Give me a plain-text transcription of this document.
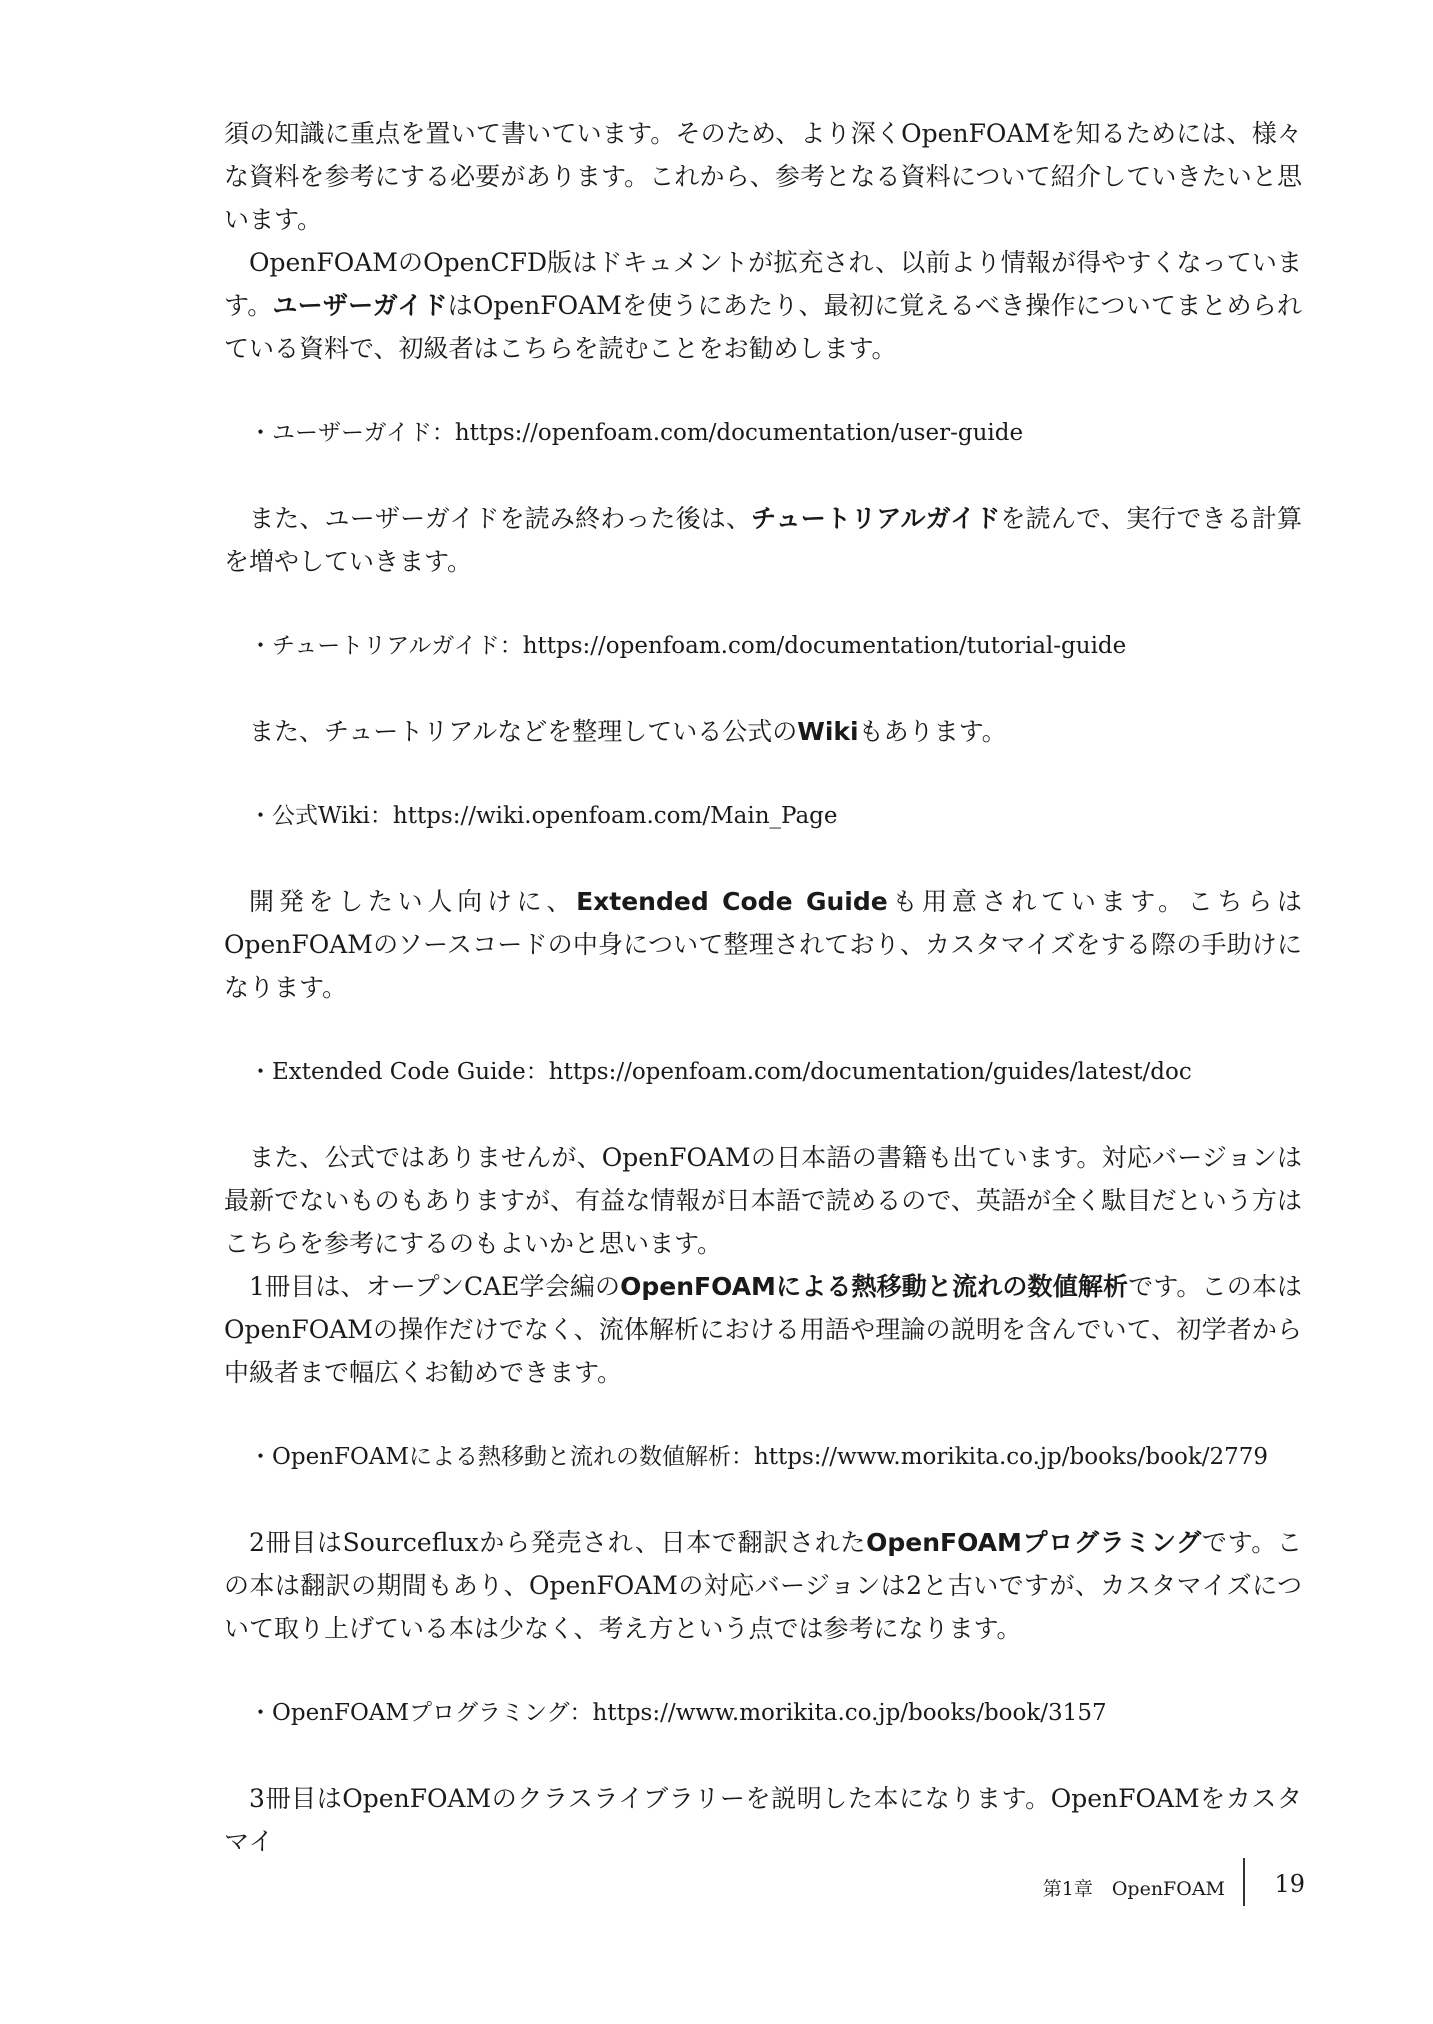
須の知識に重点を置いて書いています。そのため、より深くOpenFOAMを知るためには、様々な資料を参考にする必要があります。これから、参考となる資料について紹介していきたいと思います。

OpenFOAMのOpenCFD版はドキュメントが拡充され、以前より情報が得やすくなっています。ユーザーガイドはOpenFOAMを使うにあたり、最初に覚えるべき操作についてまとめられている資料で、初級者はこちらを読むことをお勧めします。

・ユーザーガイド：https://openfoam.com/documentation/user-guide

また、ユーザーガイドを読み終わった後は、チュートリアルガイドを読んで、実行できる計算を増やしていきます。

・チュートリアルガイド：https://openfoam.com/documentation/tutorial-guide

また、チュートリアルなどを整理している公式のWikiもあります。

・公式Wiki：https://wiki.openfoam.com/Main_Page

開発をしたい人向けに、Extended Code Guideも用意されています。こちらはOpenFOAMのソースコードの中身について整理されており、カスタマイズをする際の手助けになります。

・Extended Code Guide：https://openfoam.com/documentation/guides/latest/doc

また、公式ではありませんが、OpenFOAMの日本語の書籍も出ています。対応バージョンは最新でないものもありますが、有益な情報が日本語で読めるので、英語が全く駄目だという方はこちらを参考にするのもよいかと思います。

1冊目は、オープンCAE学会編のOpenFOAMによる熱移動と流れの数値解析です。この本はOpenFOAMの操作だけでなく、流体解析における用語や理論の説明を含んでいて、初学者から中級者まで幅広くお勧めできます。

・OpenFOAMによる熱移動と流れの数値解析：https://www.morikita.co.jp/books/book/2779

2冊目はSourcefluxから発売され、日本で翻訳されたOpenFOAMプログラミングです。この本は翻訳の期間もあり、OpenFOAMの対応バージョンは2と古いですが、カスタマイズについて取り上げている本は少なく、考え方という点では参考になります。

・OpenFOAMプログラミング：https://www.morikita.co.jp/books/book/3157

3冊目はOpenFOAMのクラスライブラリーを説明した本になります。OpenFOAMをカスタマイ

第1章　OpenFOAM 19
